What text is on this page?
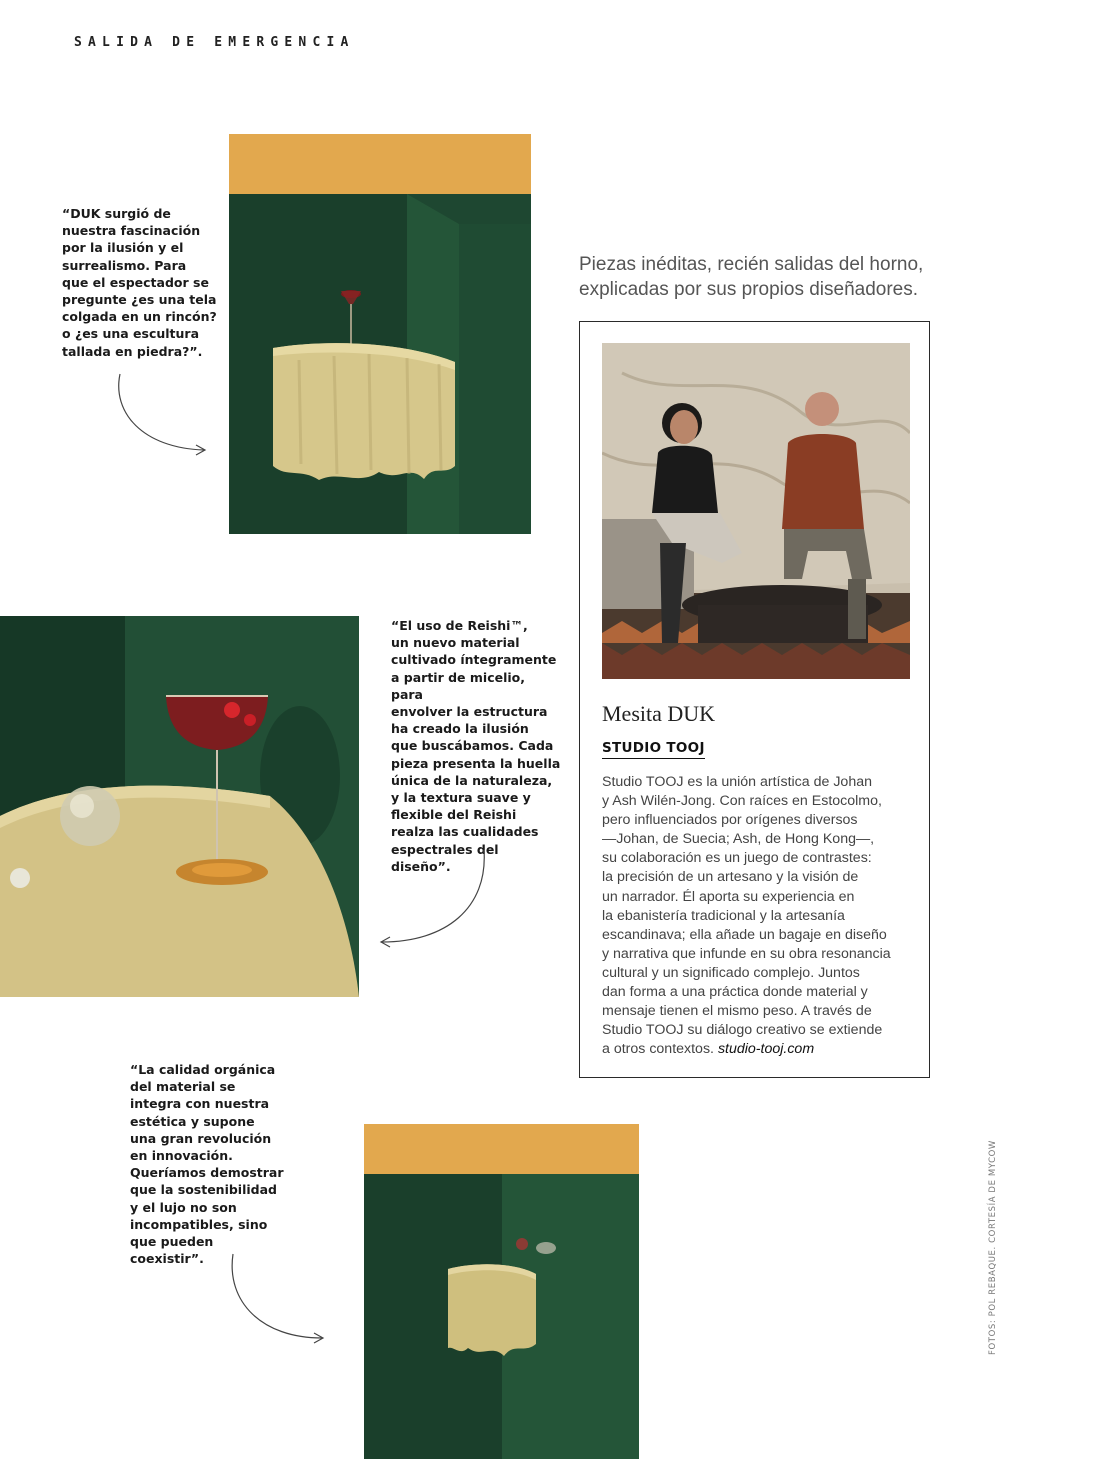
SALIDA DE EMERGENCIA

“DUK surgió de
nuestra fascinación
por la ilusión y el
surrealismo. Para
que el espectador se
pregunte ¿es una tela
colgada en un rincón?
o ¿es una escultura
tallada en piedra?”.

“El uso de Reishi™,
un nuevo material
cultivado íntegramente
a partir de micelio, para
envolver la estructura
ha creado la ilusión
que buscábamos. Cada
pieza presenta la huella
única de la naturaleza,
y la textura suave y
flexible del Reishi
realza las cualidades
espectrales del diseño”.

“La calidad orgánica
del material se
integra con nuestra
estética y supone
una gran revolución
en innovación.
Queríamos demostrar
que la sostenibilidad
y el lujo no son
incompatibles, sino
que pueden coexistir”.

Piezas inéditas, recién salidas del horno,
explicadas por sus propios diseñadores.

Mesita DUK
STUDIO TOOJ

Studio TOOJ es la unión artística de Johan
y Ash Wilén-Jong. Con raíces en Estocolmo,
pero influenciados por orígenes diversos
—Johan, de Suecia; Ash, de Hong Kong—,
su colaboración es un juego de contrastes:
la precisión de un artesano y la visión de
un narrador. Él aporta su experiencia en
la ebanistería tradicional y la artesanía
escandinava; ella añade un bagaje en diseño
y narrativa que infunde en su obra resonancia
cultural y un significado complejo. Juntos
dan forma a una práctica donde material y
mensaje tienen el mismo peso. A través de
Studio TOOJ su diálogo creativo se extiende
a otros contextos. studio-tooj.com

FOTOS: POL REBAQUE. CORTESÍA DE MYCOW
